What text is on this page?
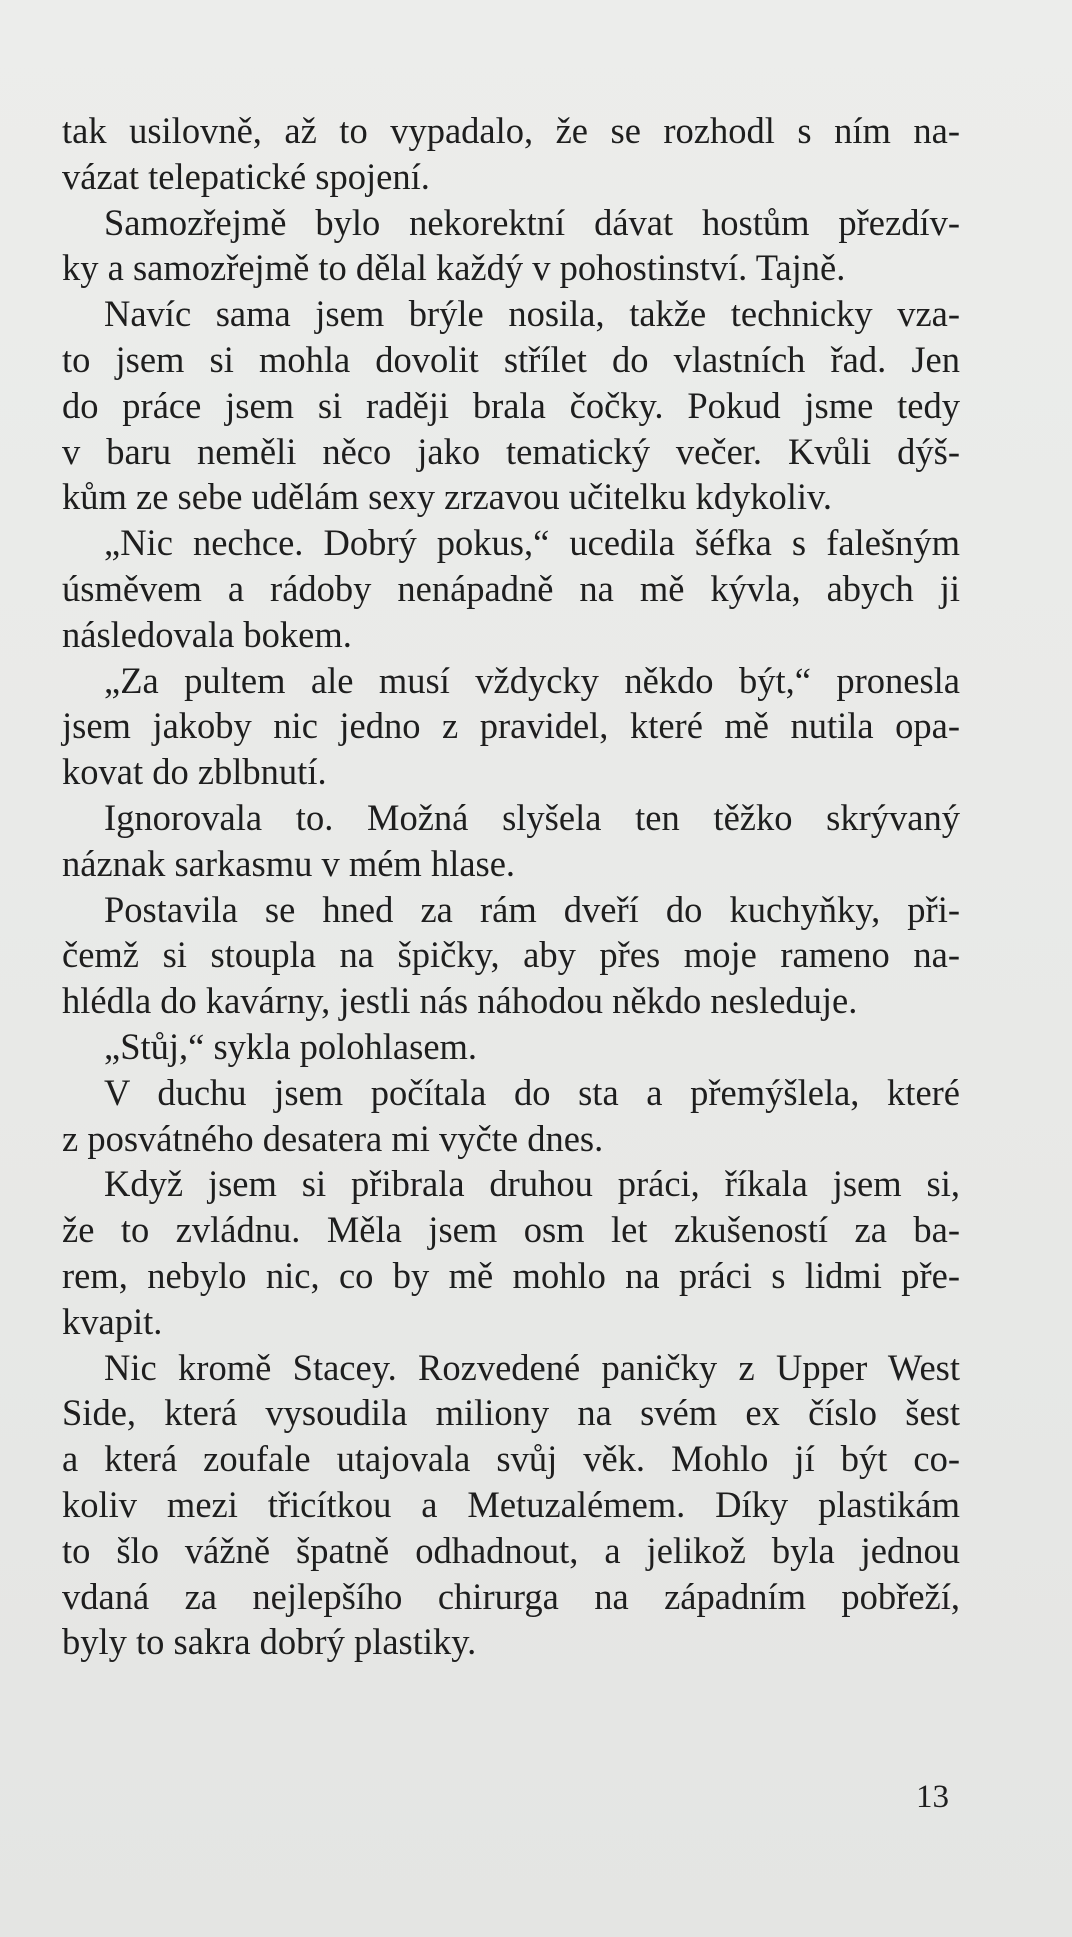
tak usilovně, až to vypadalo, že se rozhodl s ním na-
vázat telepatické spojení.

Samozřejmě bylo nekorektní dávat hostům přezdív-
ky a samozřejmě to dělal každý v pohostinství. Tajně.

Navíc sama jsem brýle nosila, takže technicky vza-
to jsem si mohla dovolit střílet do vlastních řad. Jen
do práce jsem si raději brala čočky. Pokud jsme tedy
v baru neměli něco jako tematický večer. Kvůli dýš-
kům ze sebe udělám sexy zrzavou učitelku kdykoliv.

„Nic nechce. Dobrý pokus,“ ucedila šéfka s falešným
úsměvem a rádoby nenápadně na mě kývla, abych ji
následovala bokem.

„Za pultem ale musí vždycky někdo být,“ pronesla
jsem jakoby nic jedno z pravidel, které mě nutila opa-
kovat do zblbnutí.

Ignorovala to. Možná slyšela ten těžko skrývaný
náznak sarkasmu v mém hlase.

Postavila se hned za rám dveří do kuchyňky, při-
čemž si stoupla na špičky, aby přes moje rameno na-
hlédla do kavárny, jestli nás náhodou někdo nesleduje.

„Stůj,“ sykla polohlasem.

V duchu jsem počítala do sta a přemýšlela, které
z posvátného desatera mi vyčte dnes.

Když jsem si přibrala druhou práci, říkala jsem si,
že to zvládnu. Měla jsem osm let zkušeností za ba-
rem, nebylo nic, co by mě mohlo na práci s lidmi pře-
kvapit.

Nic kromě Stacey. Rozvedené paničky z Upper West
Side, která vysoudila miliony na svém ex číslo šest
a která zoufale utajovala svůj věk. Mohlo jí být co-
koliv mezi třicítkou a Metuzalémem. Díky plastikám
to šlo vážně špatně odhadnout, a jelikož byla jednou
vdaná za nejlepšího chirurga na západním pobřeží,
byly to sakra dobrý plastiky.

13
